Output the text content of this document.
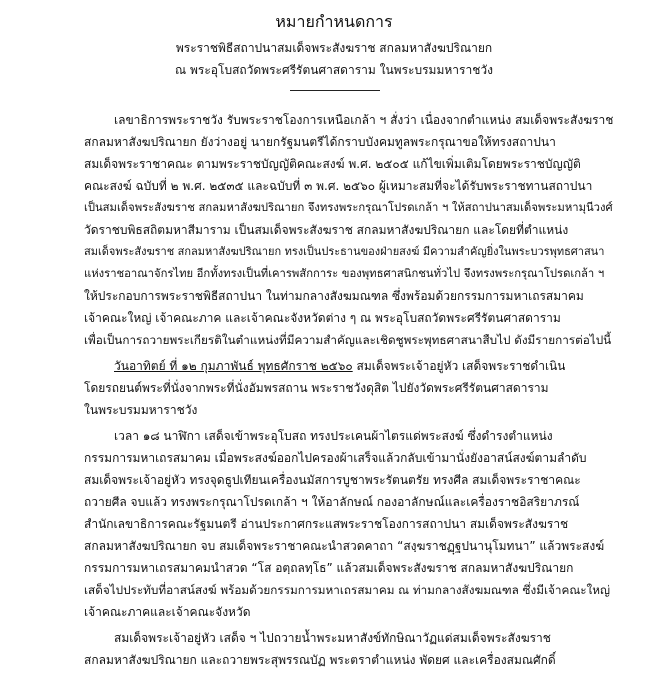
หมายกำหนดการ
พระราชพิธีสถาปนาสมเด็จพระสังฆราช สกลมหาสังฆปริณายก
ณ พระอุโบสถวัดพระศรีรัตนศาสดาราม ในพระบรมมหาราชวัง
เลขาธิการพระราชวัง รับพระราชโองการเหนือเกล้า ฯ สั่งว่า เนื่องจากตำแหน่ง สมเด็จพระสังฆราช
สกลมหาสังฆปริณายก ยังว่างอยู่ นายกรัฐมนตรีได้กราบบังคมทูลพระกรุณาขอให้ทรงสถาปนา
สมเด็จพระราชาคณะ ตามพระราชบัญญัติคณะสงฆ์ พ.ศ. ๒๕๐๕ แก้ไขเพิ่มเติมโดยพระราชบัญญัติ
คณะสงฆ์ ฉบับที่ ๒ พ.ศ. ๒๕๓๕ และฉบับที่ ๓ พ.ศ. ๒๕๖๐ ผู้เหมาะสมที่จะได้รับพระราชทานสถาปนา
เป็นสมเด็จพระสังฆราช สกลมหาสังฆปริณายก จึงทรงพระกรุณาโปรดเกล้า ฯ ให้สถาปนาสมเด็จพระมหามุนีวงศ์
วัดราชบพิธสถิตมหาสีมาราม เป็นสมเด็จพระสังฆราช สกลมหาสังฆปริณายก และโดยที่ตำแหน่ง
สมเด็จพระสังฆราช สกลมหาสังฆปริณายก ทรงเป็นประธานของฝ่ายสงฆ์ มีความสำคัญยิ่งในพระบวรพุทธศาสนา
แห่งราชอาณาจักรไทย อีกทั้งทรงเป็นที่เคารพสักการะ ของพุทธศาสนิกชนทั่วไป จึงทรงพระกรุณาโปรดเกล้า ฯ
ให้ประกอบการพระราชพิธีสถาปนา ในท่ามกลางสังฆมณฑล ซึ่งพร้อมด้วยกรรมการมหาเถรสมาคม
เจ้าคณะใหญ่ เจ้าคณะภาค และเจ้าคณะจังหวัดต่าง ๆ ณ พระอุโบสถวัดพระศรีรัตนศาสดาราม
เพื่อเป็นการถวายพระเกียรติในตำแหน่งที่มีความสำคัญและเชิดชูพระพุทธศาสนาสืบไป ดังมีรายการต่อไปนี้
วันอาทิตย์ ที่ ๑๒ กุมภาพันธ์ พุทธศักราช ๒๕๖๐ สมเด็จพระเจ้าอยู่หัว เสด็จพระราชดำเนิน
โดยรถยนต์พระที่นั่งจากพระที่นั่งอัมพรสถาน พระราชวังดุสิต ไปยังวัดพระศรีรัตนศาสดาราม
ในพระบรมมหาราชวัง
เวลา ๑๘ นาฬิกา เสด็จเข้าพระอุโบสถ ทรงประเคนผ้าไตรแด่พระสงฆ์ ซึ่งดำรงตำแหน่ง
กรรมการมหาเถรสมาคม เมื่อพระสงฆ์ออกไปครองผ้าเสร็จแล้วกลับเข้ามานั่งยังอาสน์สงฆ์ตามลำดับ
สมเด็จพระเจ้าอยู่หัว ทรงจุดธูปเทียนเครื่องนมัสการบูชาพระรัตนตรัย ทรงศีล สมเด็จพระราชาคณะ
ถวายศีล จบแล้ว ทรงพระกรุณาโปรดเกล้า ฯ ให้อาลักษณ์ กองอาลักษณ์และเครื่องราชอิสริยาภรณ์
สำนักเลขาธิการคณะรัฐมนตรี อ่านประกาศกระแสพระราชโองการสถาปนา สมเด็จพระสังฆราช
สกลมหาสังฆปริณายก จบ สมเด็จพระราชาคณะนำสวดคาถา “สงฺฆราชฏฺฐปนานุโมทนา” แล้วพระสงฆ์
กรรมการมหาเถรสมาคมนำสวด “โส อตฺถลทฺโธ” แล้วสมเด็จพระสังฆราช สกลมหาสังฆปริณายก
เสด็จไปประทับที่อาสน์สงฆ์ พร้อมด้วยกรรมการมหาเถรสมาคม ณ ท่ามกลางสังฆมณฑล ซึ่งมีเจ้าคณะใหญ่
เจ้าคณะภาคและเจ้าคณะจังหวัด
สมเด็จพระเจ้าอยู่หัว เสด็จ ฯ ไปถวายน้ำพระมหาสังข์ทักษิณาวัฏแด่สมเด็จพระสังฆราช
สกลมหาสังฆปริณายก และถวายพระสุพรรณบัฏ พระตราตำแหน่ง พัดยศ และเครื่องสมณศักดิ์
